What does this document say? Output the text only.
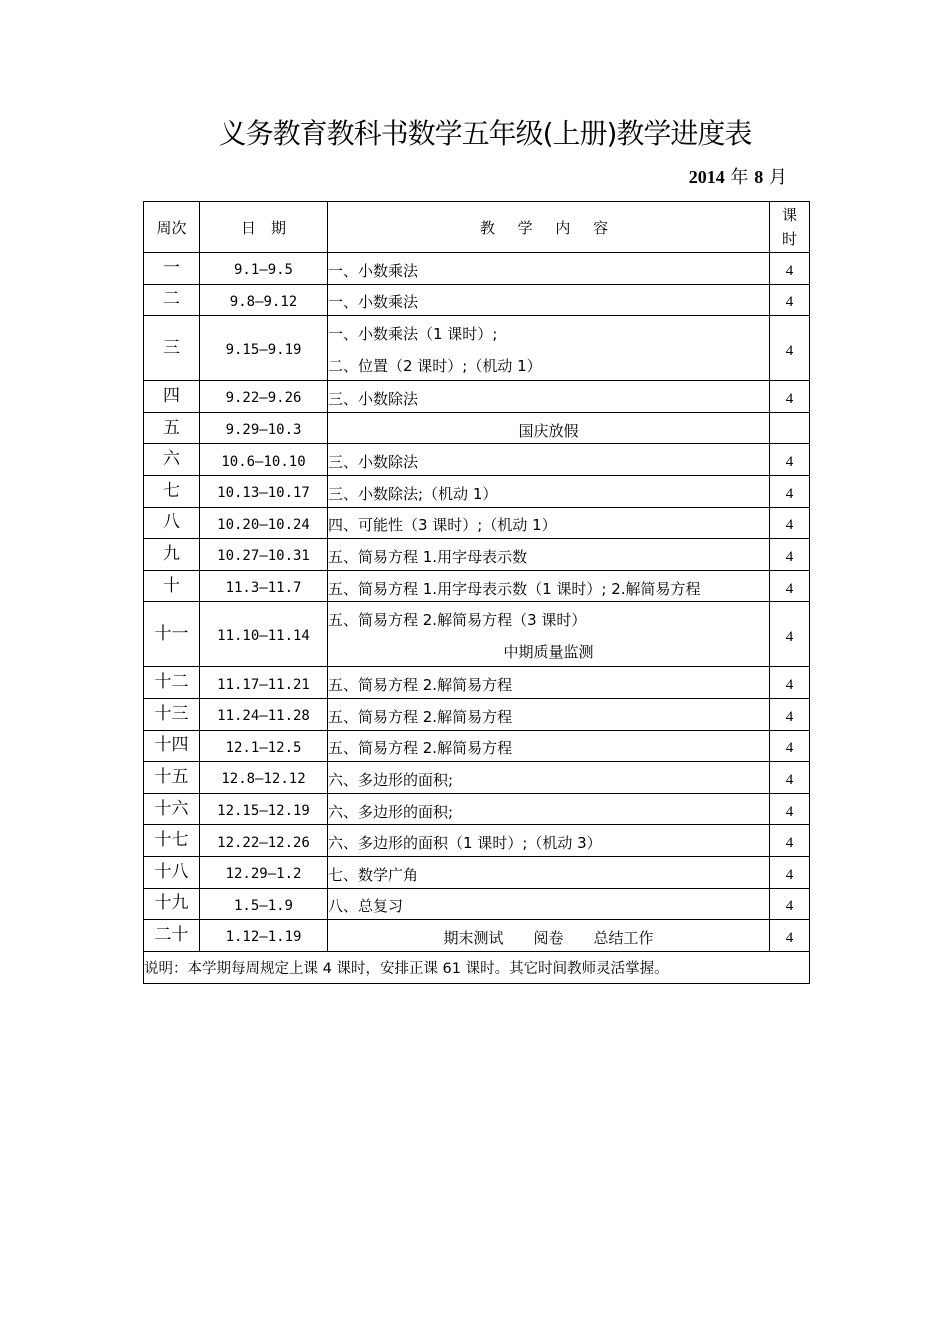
义务教育教科书数学五年级(上册)教学进度表
2014 年 8 月
周次	日　期	教 学 内 容	课
时
一	9.1—9.5	一、小数乘法	4
二	9.8—9.12	一、小数乘法	4
三	9.15—9.19	一、小数乘法（1 课时）;
二、位置（2 课时）;（机动 1）	4
四	9.22—9.26	三、小数除法	4
五	9.29—10.3	国庆放假	
六	10.6—10.10	三、小数除法	4
七	10.13—10.17	三、小数除法;（机动 1）	4
八	10.20—10.24	四、可能性（3 课时）;（机动 1）	4
九	10.27—10.31	五、简易方程 1.用字母表示数	4
十	11.3—11.7	五、简易方程 1.用字母表示数（1 课时）; 2.解简易方程	4
十一	11.10—11.14	五、简易方程 2.解简易方程（3 课时）
中期质量监测	4
十二	11.17—11.21	五、简易方程 2.解简易方程	4
十三	11.24—11.28	五、简易方程 2.解简易方程	4
十四	12.1—12.5	五、简易方程 2.解简易方程	4
十五	12.8—12.12	六、多边形的面积;	4
十六	12.15—12.19	六、多边形的面积;	4
十七	12.22—12.26	六、多边形的面积（1 课时）;（机动 3）	4
十八	12.29—1.2	七、数学广角	4
十九	1.5—1.9	八、总复习	4
二十	1.12—1.19	期末测试　　阅卷　　总结工作	4
说明：本学期每周规定上课 4 课时，安排正课 61 课时。其它时间教师灵活掌握。			
